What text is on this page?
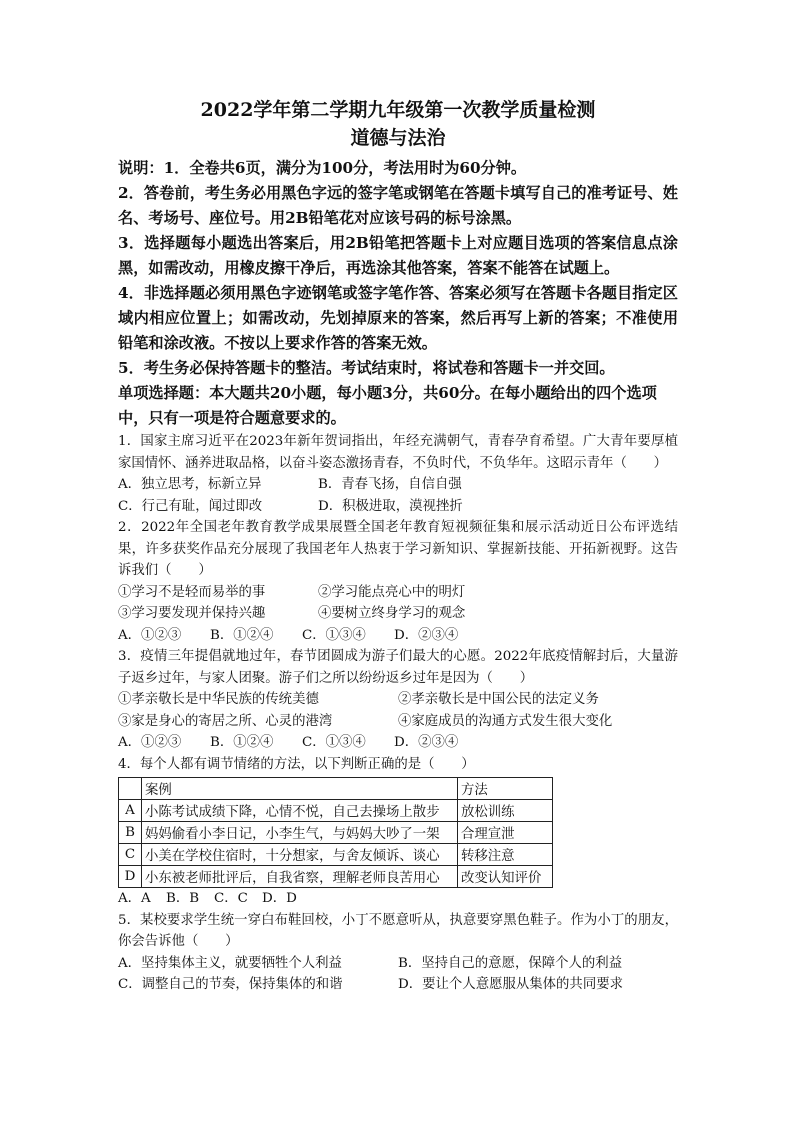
2022学年第二学期九年级第一次教学质量检测

道德与法治

说明：1．全卷共6页，满分为100分，考法用时为60分钟。

2．答卷前，考生务必用黑色字远的签字笔或钢笔在答题卡填写自己的准考证号、姓名、考场号、座位号。用2B铅笔花对应该号码的标号涂黑。

3．选择题每小题选出答案后，用2B铅笔把答题卡上对应题目选项的答案信息点涂黑，如需改动，用橡皮擦干净后，再选涂其他答案，答案不能答在试题上。

4．非选择题必须用黑色字迹钢笔或签字笔作答、答案必须写在答题卡各题目指定区域内相应位置上；如需改动，先划掉原来的答案，然后再写上新的答案；不准使用铅笔和涂改液。不按以上要求作答的答案无效。

5．考生务必保持答题卡的整洁。考试结束时，将试卷和答题卡一并交回。

单项选择题：本大题共20小题，每小题3分，共60分。在每小题给出的四个选项中，只有一项是符合题意要求的。

1．国家主席习近平在2023年新年贺词指出，年经充满朝气，青春孕育希望。广大青年要厚植家国情怀、涵养进取品格，以奋斗姿态激扬青春，不负时代，不负华年。这昭示青年（　　）

A．独立思考，标新立异	B．青春飞扬，自信自强
C．行己有耻，闻过即改	D．积极进取，漠视挫折

2．2022年全国老年教育教学成果展暨全国老年教育短视频征集和展示活动近日公布评选结果，许多获奖作品充分展现了我国老年人热衷于学习新知识、掌握新技能、开拓新视野。这告诉我们（　　）

①学习不是轻而易举的事	②学习能点亮心中的明灯
③学习要发现并保持兴趣	④要树立终身学习的观念
A．①②③	B．①②④	C．①③④	D．②③④

3．疫情三年提倡就地过年，春节团圆成为游子们最大的心愿。2022年底疫情解封后，大量游子返乡过年，与家人团聚。游子们之所以纷纷返乡过年是因为（　　）

①孝亲敬长是中华民族的传统美德	②孝亲敬长是中国公民的法定义务
③家是身心的寄居之所、心灵的港湾	④家庭成员的沟通方式发生很大变化
A．①②③	B．①②④	C．①③④	D．②③④

4．每个人都有调节情绪的方法，以下判断正确的是（　　）

	案例	方法
A	小陈考试成绩下降，心情不悦，自己去操场上散步	放松训练
B	妈妈偷看小李日记，小李生气，与妈妈大吵了一架	合理宣泄
C	小美在学校住宿时，十分想家，与舍友倾诉、谈心	转移注意
D	小东被老师批评后，自我省察，理解老师良苦用心	改变认知评价
A．A	B．B	C．C	D．D

5．某校要求学生统一穿白布鞋回校，小丁不愿意听从，执意要穿黑色鞋子。作为小丁的朋友，你会告诉他（　　）

A．坚持集体主义，就要牺牲个人利益	B．坚持自己的意愿，保障个人的利益
C．调整自己的节奏，保持集体的和谐	D．要让个人意愿服从集体的共同要求
